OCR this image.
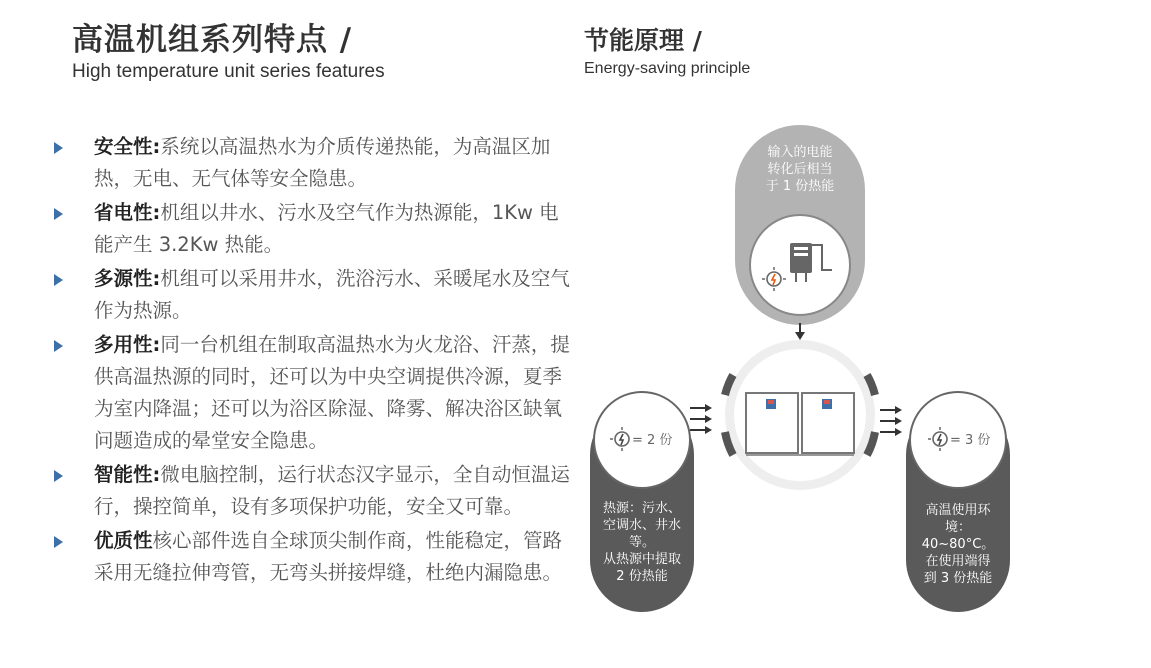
高温机组系列特点 /
High temperature unit series features
安全性:系统以高温热水为介质传递热能，为高温区加热，无电、无气体等安全隐患。
省电性:机组以井水、污水及空气作为热源能，1Kw 电能产生 3.2Kw 热能。
多源性:机组可以采用井水，洗浴污水、采暖尾水及空气作为热源。
多用性:同一台机组在制取高温热水为火龙浴、汗蒸，提供高温热源的同时，还可以为中央空调提供冷源，夏季为室内降温；还可以为浴区除湿、降雾、解决浴区缺氧问题造成的晕堂安全隐患。
智能性:微电脑控制，运行状态汉字显示，全自动恒温运行，操控简单，设有多项保护功能，安全又可靠。
优质性核心部件选自全球顶尖制作商，性能稳定，管路采用无缝拉伸弯管，无弯头拼接焊缝，杜绝内漏隐患。
节能原理 /
Energy-saving principle
输入的电能
转化后相当
于 1 份热能
热源：污水、
空调水、井水
等。
从热源中提取
2 份热能
= 2 份
高温使用环
境：
40~80°C。
在使用端得
到 3 份热能
= 3 份
